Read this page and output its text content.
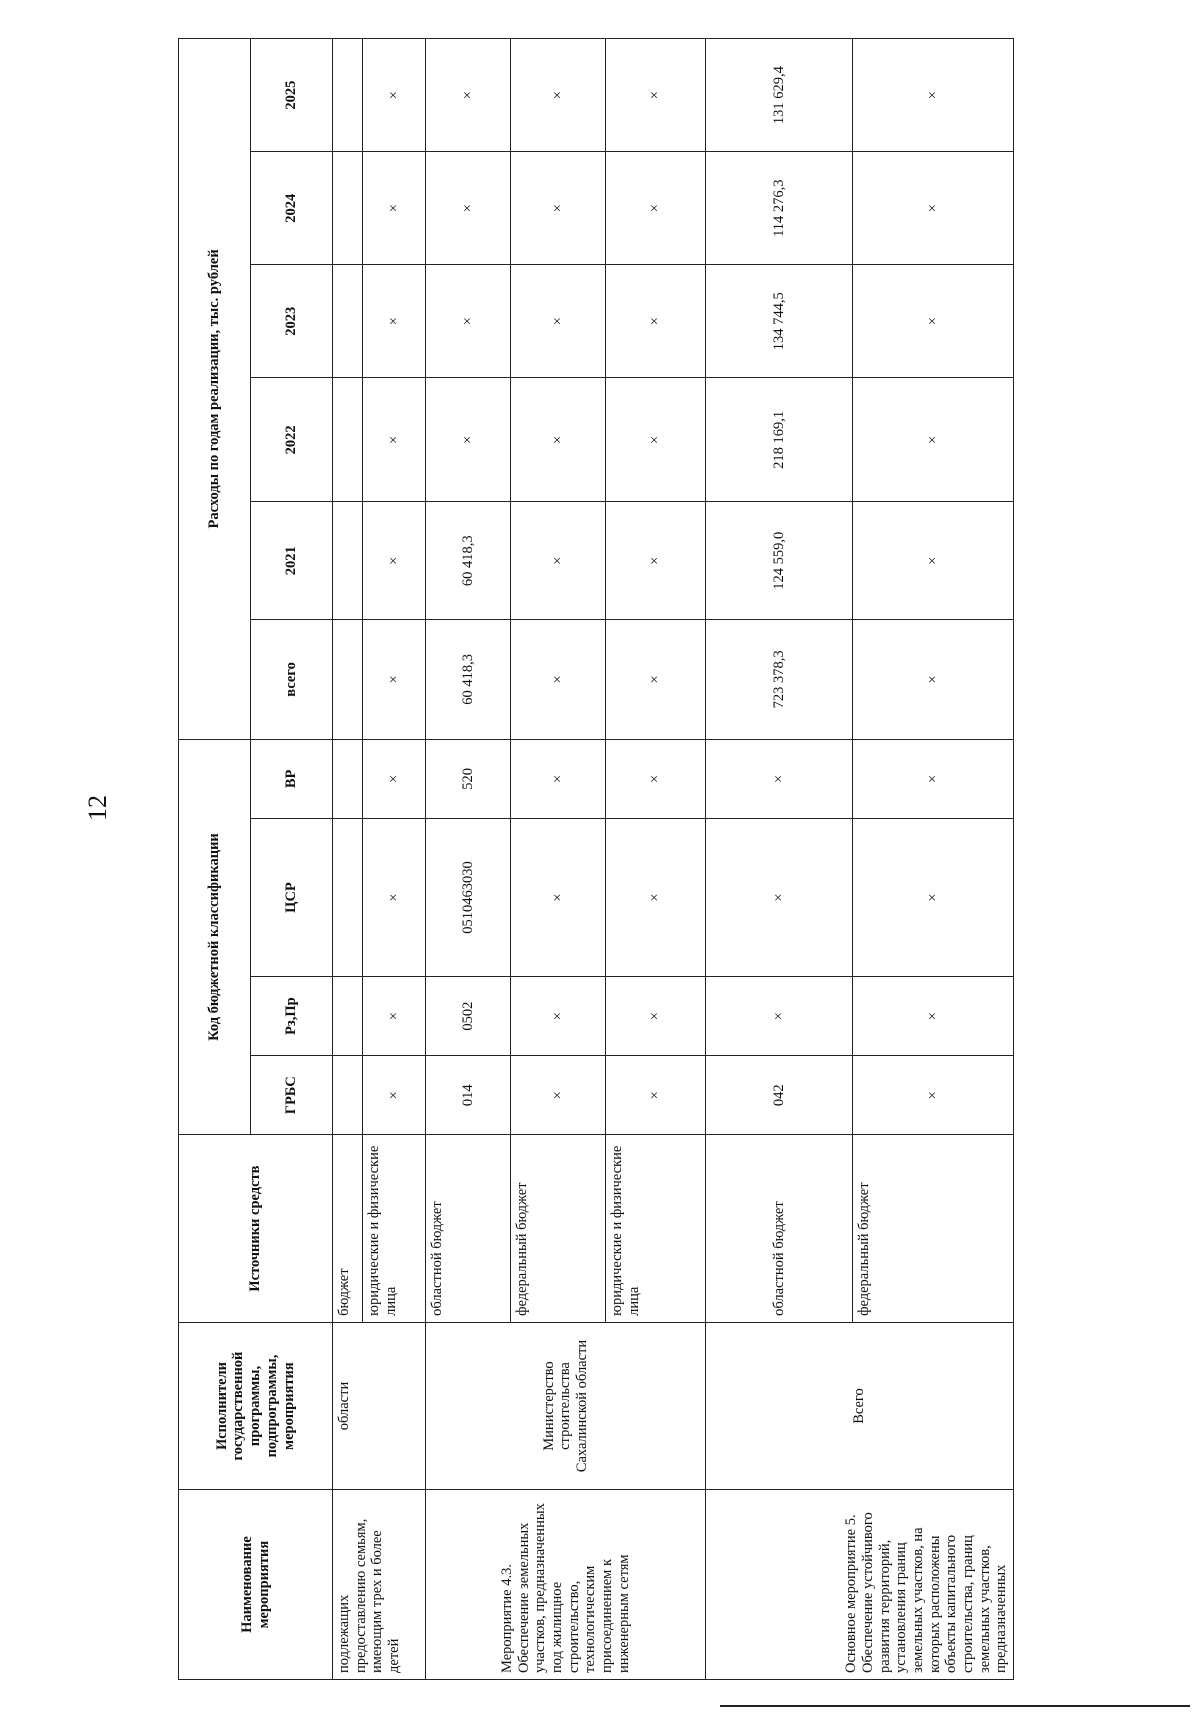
12
Наименование мероприятия	Исполнители государственной программы, подпрограммы, мероприятия	Источники средств	Код бюджетной классификации				Расходы по годам реализации, тыс. рублей					
			ГРБС	Рз,Пр	ЦСР	ВР	всего	2021	2022	2023	2024	2025
подлежащих предоставлению семьям, имеющим трех и более детей	области	бюджет										
		юридические и физические лица	×	×	×	×	×	×	×	×	×	×
Мероприятие 4.3. Обеспечение земельных участков, предназначенных под жилищное строительство, технологическим присоединением к инженерным сетям	Министерство строительства Сахалинской области	областной бюджет	014	0502	0510463030	520	60 418,3	60 418,3	×	×	×	×
		федеральный бюджет	×	×	×	×	×	×	×	×	×	×
		юридические и физические лица	×	×	×	×	×	×	×	×	×	×
Основное мероприятие 5. Обеспечение устойчивого развития территорий, установления границ земельных участков, на которых расположены объекты капитального строительства, границ земельных участков, предназначенных	Всего	областной бюджет	042	×	×	×	723 378,3	124 559,0	218 169,1	134 744,5	114 276,3	131 629,4
		федеральный бюджет	×	×	×	×	×	×	×	×	×	×
